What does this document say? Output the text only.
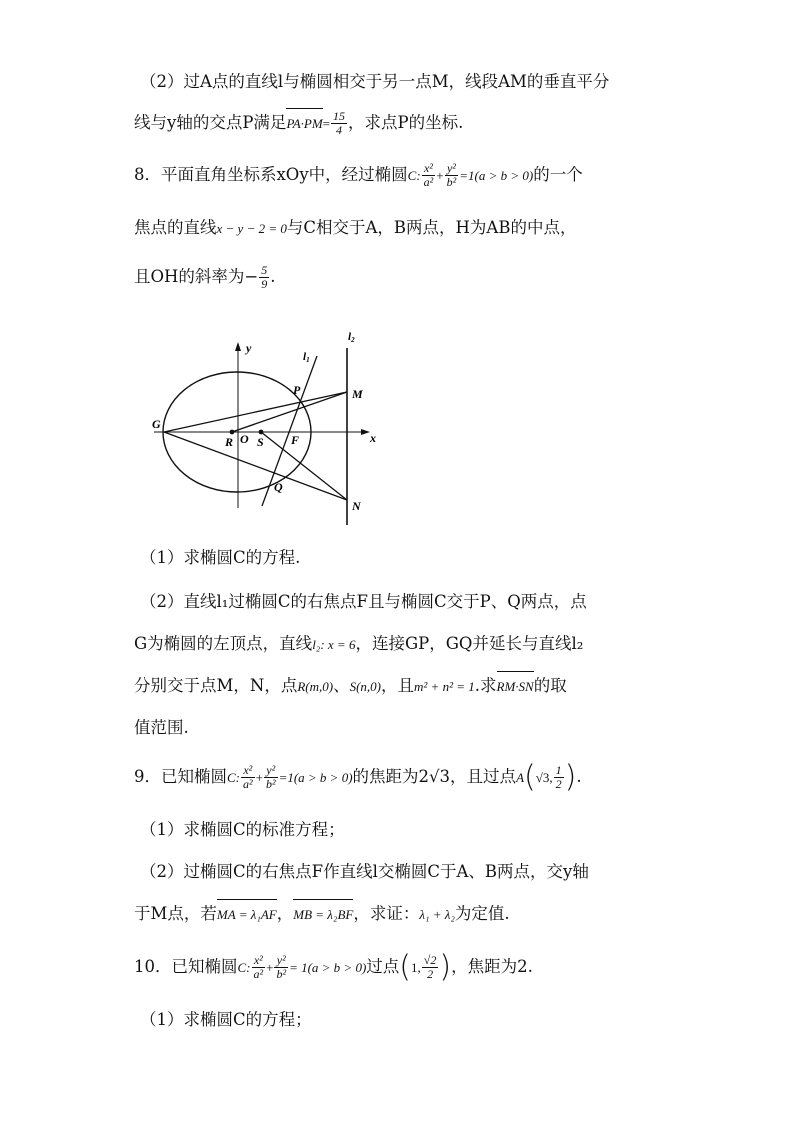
（2）过A点的直线l与椭圆相交于另一点M，线段AM的垂直平分
线与y轴的交点P满足$PA\cdot PM= \frac{15}{4}$ ，求点P的坐标.
8．平面直角坐标系xOy中，经过椭圆C: $\frac{\text{x²}}{\text{a²}} + \frac{\text{y²}}{\text{b²}} =1(a > b > 0)$的一个
焦点的直线x − y − 2 = 0与C相交于A，B两点，H为AB的中点，
且OH的斜率为− $\frac{5}{9}$ .
y
x
l1
l2
G
R O S F
P
Q
M
N
（1）求椭圆C的方程.
（2）直线l₁过椭圆C的右焦点F且与椭圆C交于P、Q两点，点
G为椭圆的左顶点，直线l₂: x = 6，连接GP，GQ并延长与直线l₂
分别交于点M，N，点R(m,0)、S(n,0)，且m² + n² = 1.求RM·SN的取
值范围.
9．已知椭圆C: $\frac{\text{x²}}{\text{a²}} + \frac{\text{y²}}{\text{b²}} =1(a > b > 0)$的焦距为2√3，且过点A(√3, $\frac{1}{2}$ ).
（1）求椭圆C的标准方程；
（2）过椭圆C的右焦点F作直线l交椭圆C于A、B两点，交y轴
于M点，若MA = λ₁AF，MB = λ₂BF，求证：λ₁ + λ₂为定值.
10．已知椭圆C: $\frac{\text{x²}}{\text{a²}} + \frac{\text{y²}}{\text{b²}} = 1(a > b > 0)$过点(1, $\frac{√2}{2}$ )，焦距为2.
（1）求椭圆C的方程；
